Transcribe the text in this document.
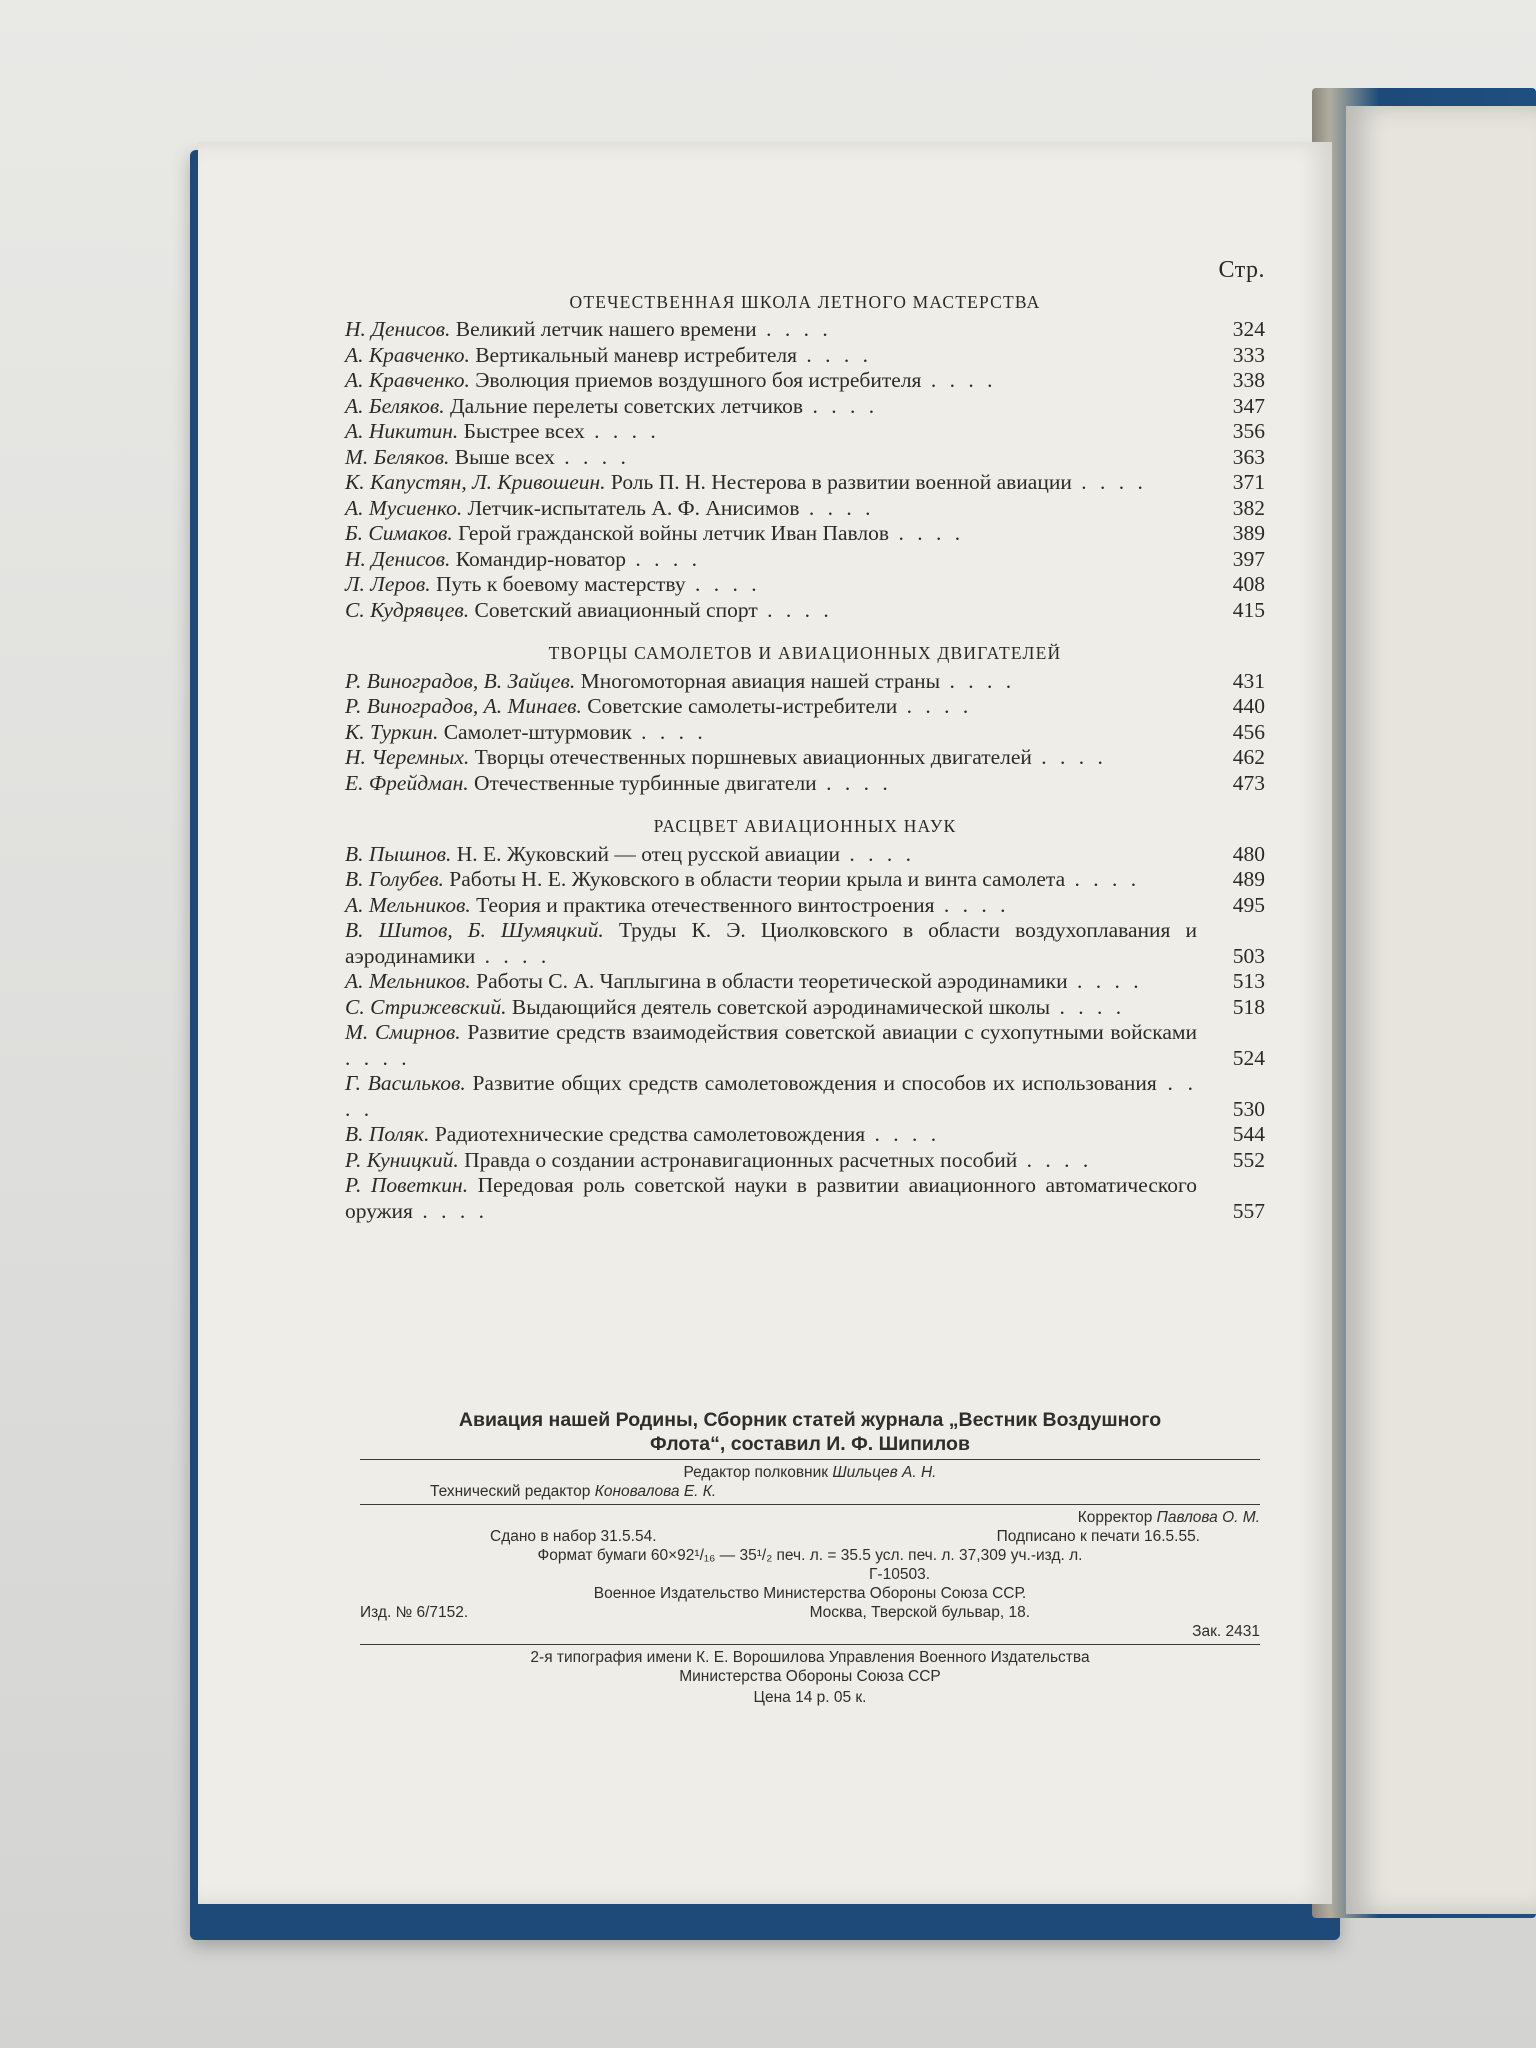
Стр.
ОТЕЧЕСТВЕННАЯ ШКОЛА ЛЕТНОГО МАСТЕРСТВА
Н. Денисов. Великий летчик нашего времени . . . .	324
А. Кравченко. Вертикальный маневр истребителя . . . .	333
А. Кравченко. Эволюция приемов воздушного боя истребителя . . . .	338
А. Беляков. Дальние перелеты советских летчиков . . . .	347
А. Никитин. Быстрее всех . . . .	356
М. Беляков. Выше всех . . . .	363
К. Капустян, Л. Кривошеин. Роль П. Н. Нестерова в развитии военной авиации . . . .	371
А. Мусиенко. Летчик-испытатель А. Ф. Анисимов . . . .	382
Б. Симаков. Герой гражданской войны летчик Иван Павлов . . . .	389
Н. Денисов. Командир-новатор . . . .	397
Л. Леров. Путь к боевому мастерству . . . .	408
С. Кудрявцев. Советский авиационный спорт . . . .	415
ТВОРЦЫ САМОЛЕТОВ И АВИАЦИОННЫХ ДВИГАТЕЛЕЙ
Р. Виноградов, В. Зайцев. Многомоторная авиация нашей страны . . . .	431
Р. Виноградов, А. Минаев. Советские самолеты-истребители . . . .	440
К. Туркин. Самолет-штурмовик . . . .	456
Н. Черемных. Творцы отечественных поршневых авиационных двигателей . . . .	462
Е. Фрейдман. Отечественные турбинные двигатели . . . .	473
РАСЦВЕТ АВИАЦИОННЫХ НАУК
В. Пышнов. Н. Е. Жуковский — отец русской авиации . . . .	480
В. Голубев. Работы Н. Е. Жуковского в области теории крыла и винта самолета . . . .	489
А. Мельников. Теория и практика отечественного винтостроения . . . .	495
В. Шитов, Б. Шумяцкий. Труды К. Э. Циолковского в области воздухоплавания и аэродинамики . . . .	503
А. Мельников. Работы С. А. Чаплыгина в области теоретической аэродинамики . . . .	513
С. Стрижевский. Выдающийся деятель советской аэродинамической школы . . . .	518
М. Смирнов. Развитие средств взаимодействия советской авиации с сухопутными войсками . . . .	524
Г. Васильков. Развитие общих средств самолетовождения и способов их использования . . . .	530
В. Поляк. Радиотехнические средства самолетовождения . . . .	544
Р. Куницкий. Правда о создании астронавигационных расчетных пособий . . . .	552
Р. Поветкин. Передовая роль советской науки в развитии авиационного автоматического оружия . . . .	557
Авиация нашей Родины, Сборник статей журнала „Вестник Воздушного
Флота“, составил И. Ф. Шипилов
Редактор полковник Шильцев А. Н.
Технический редактор Коновалова Е. К.
Корректор Павлова О. М.
Сдано в набор 31.5.54.	Подписано к печати 16.5.55.
Формат бумаги 60×92¹/₁₆ — 35¹/₂ печ. л. = 35.5 усл. печ. л. 37,309 уч.-изд. л.
Г-10503.
Военное Издательство Министерства Обороны Союза ССР.
Изд. № 6/7152.	Москва, Тверской бульвар, 18.
Зак. 2431
2-я типография имени К. Е. Ворошилова Управления Военного Издательства
Министерства Обороны Союза ССР
Цена 14 р. 05 к.
